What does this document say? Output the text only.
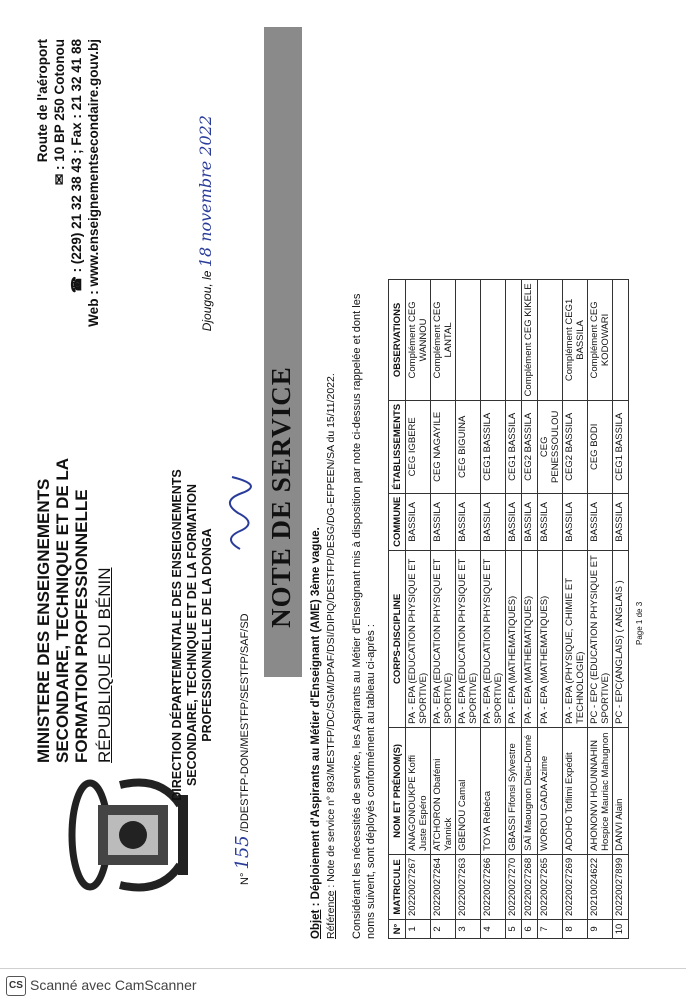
MINISTERE DES ENSEIGNEMENTS SECONDAIRE, TECHNIQUE ET DE LA FORMATION PROFESSIONNELLE RÉPUBLIQUE DU BÉNIN
Route de l'aéroport ✉ : 10 BP 250 Cotonou ☎ : (229) 21 32 38 43 ; Fax : 21 32 41 88 Web : www.enseignementsecondaire.gouv.bj
DIRECTION DÉPARTEMENTALE DES ENSEIGNEMENTS SECONDAIRE, TECHNIQUE ET DE LA FORMATION PROFESSIONNELLE DE LA DONGA
N° 155 /DDESTFP-DON/MESTFP/SESTFP/SAF/SD
Djougou, le 18 novembre 2022
NOTE DE SERVICE
Objet : Déploiement d'Aspirants au Métier d'Enseignant (AME) 3ème vague.
Référence : Note de service n° 893/MESTFP/DC/SGM/DPAF/DSI/DIPIQ/DESTFP/DESG/DG-EFPEEN/SA du 15/11/2022. Considérant les nécessités de service, les Aspirants au Métier d'Enseignant mis à disposition par note ci-dessus rappelée et dont les noms suivent, sont déployés conformément au tableau ci-après : N°	MATRICULE	NOM ET PRÉNOM(S)	CORPS-DISCIPLINE	COMMUNE	ÉTABLISSEMENTS	OBSERVATIONS
1	20220027267	ANAGONOUKPE Koffi Juste Espéro	PA - EPA (EDUCATION PHYSIQUE ET SPORTIVE)	BASSILA	CEG IGBERE	Complément CEG WANNOU
2	20220027264	ATCHORON Obafémi Yannick	PA - EPA (EDUCATION PHYSIQUE ET SPORTIVE)	BASSILA	CEG NAGAYILE	Complément CEG LANTAL
3	20220027263	GBENOU Camal	PA - EPA (EDUCATION PHYSIQUE ET SPORTIVE)	BASSILA	CEG BIGUINA	
4	20220027266	TOYA Rébéca	PA - EPA (EDUCATION PHYSIQUE ET SPORTIVE)	BASSILA	CEG1 BASSILA	
5	20220027270	GBASSI Fifonsi Sylvestre	PA - EPA (MATHEMATIQUES)	BASSILA	CEG1 BASSILA	
6	20220027268	SAÏ Maougnon Dieu-Donné	PA - EPA (MATHEMATIQUES)	BASSILA	CEG2 BASSILA	Complément CEG KIKELE
7	20220027265	WOROU GADA Azime	PA - EPA (MATHEMATIQUES)	BASSILA	CEG PENESSOULOU	
8	20220027269	ADOHO Toflimi Expédit	PA - EPA (PHYSIQUE, CHIMIE ET TECHNOLOGIE)	BASSILA	CEG2 BASSILA	Complément CEG1 BASSILA
9	20210024622	AHONONVI HOUNNAHIN Hospice Mauriac Mahugnon	PC - EPC (EDUCATION PHYSIQUE ET SPORTIVE)	BASSILA	CEG BODI	Complément CEG KODOWARI
10	20220027899	DANVI Alain	PC - EPC(ANGLAIS) ( ANGLAIS )	BASSILA	CEG1 BASSILA	
Page 1 de 3
CS Scanné avec CamScanner
